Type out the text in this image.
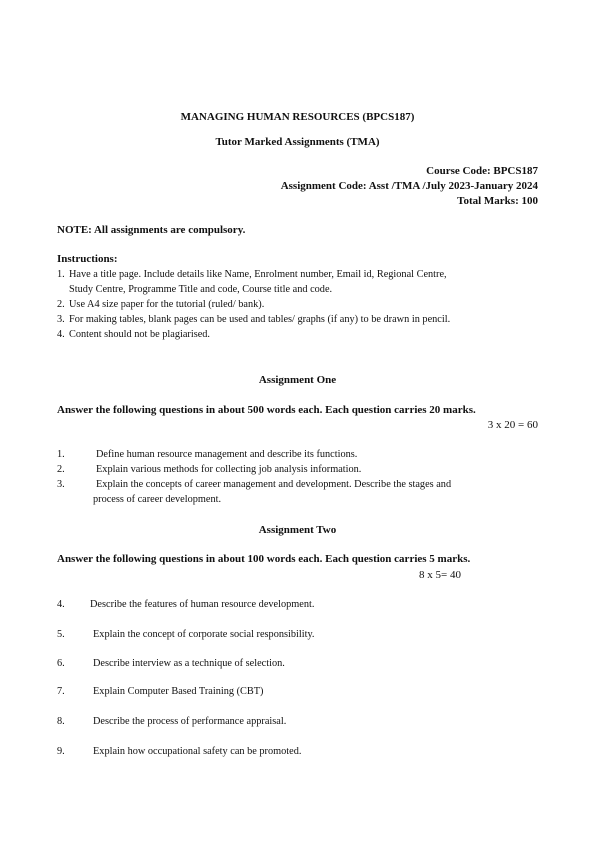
MANAGING HUMAN RESOURCES (BPCS187)
Tutor Marked Assignments (TMA)
Course Code: BPCS187
Assignment Code: Asst /TMA /July 2023-January 2024
Total Marks: 100
NOTE: All assignments are compulsory.
Instructions:
1. Have a title page. Include details like Name, Enrolment number, Email id, Regional Centre,
Study Centre, Programme Title and code, Course title and code.
2. Use A4 size paper for the tutorial (ruled/ bank).
3. For making tables, blank pages can be used and tables/ graphs (if any) to be drawn in pencil.
4. Content should not be plagiarised.
Assignment One
Answer the following questions in about 500 words each. Each question carries 20 marks.
3 x 20 = 60
1.	Define human resource management and describe its functions.
2.	Explain various methods for collecting job analysis information.
3.	Explain the concepts of career management and development. Describe the stages and
process of career development.
Assignment Two
Answer the following questions in about 100 words each. Each question carries 5 marks.
8 x 5= 40
4. Describe the features of human resource development.
5.	Explain the concept of corporate social responsibility.
6.	Describe interview as a technique of selection.
7.	Explain Computer Based Training (CBT)
8.	Describe the process of performance appraisal.
9.	Explain how occupational safety can be promoted.
